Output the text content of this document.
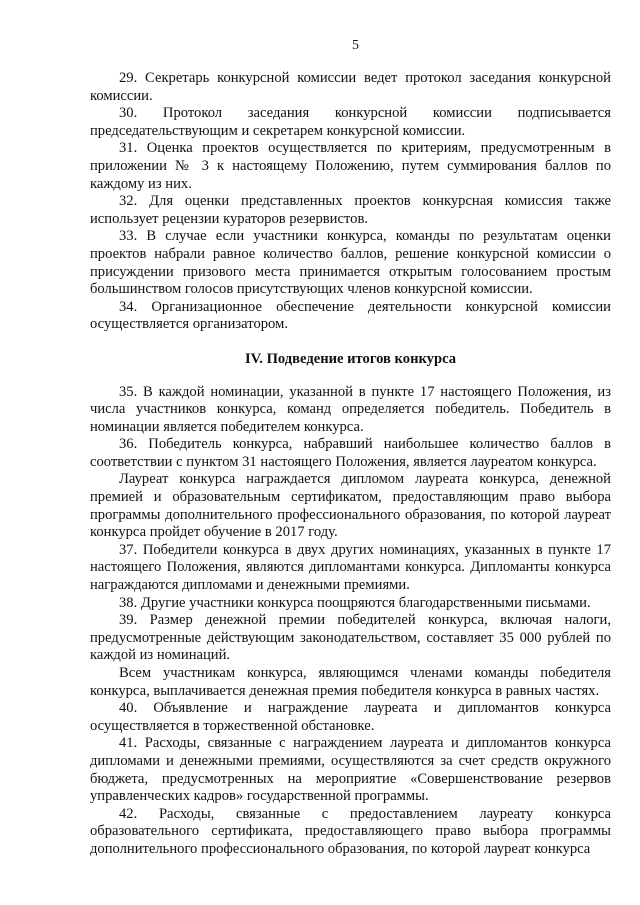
5

29. Секретарь конкурсной комиссии ведет протокол заседания конкурсной комиссии.

30. Протокол заседания конкурсной комиссии подписывается председательствующим и секретарем конкурсной комиссии.

31. Оценка проектов осуществляется по критериям, предусмотренным в приложении № 3 к настоящему Положению, путем суммирования баллов по каждому из них.

32. Для оценки представленных проектов конкурсная комиссия также использует рецензии кураторов резервистов.

33. В случае если участники конкурса, команды по результатам оценки проектов набрали равное количество баллов, решение конкурсной комиссии о присуждении призового места принимается открытым голосованием простым большинством голосов присутствующих членов конкурсной комиссии.

34. Организационное обеспечение деятельности конкурсной комиссии осуществляется организатором.

IV. Подведение итогов конкурса

35. В каждой номинации, указанной в пункте 17 настоящего Положения, из числа участников конкурса, команд определяется победитель. Победитель в номинации является победителем конкурса.

36. Победитель конкурса, набравший наибольшее количество баллов в соответствии с пунктом 31 настоящего Положения, является лауреатом конкурса.

Лауреат конкурса награждается дипломом лауреата конкурса, денежной премией и образовательным сертификатом, предоставляющим право выбора программы дополнительного профессионального образования, по которой лауреат конкурса пройдет обучение в 2017 году.

37. Победители конкурса в двух других номинациях, указанных в пункте 17 настоящего Положения, являются дипломантами конкурса. Дипломанты конкурса награждаются дипломами и денежными премиями.

38. Другие участники конкурса поощряются благодарственными письмами.

39. Размер денежной премии победителей конкурса, включая налоги, предусмотренные действующим законодательством, составляет 35 000 рублей по каждой из номинаций.

Всем участникам конкурса, являющимся членами команды победителя конкурса, выплачивается денежная премия победителя конкурса в равных частях.

40. Объявление и награждение лауреата и дипломантов конкурса осуществляется в торжественной обстановке.

41. Расходы, связанные с награждением лауреата и дипломантов конкурса дипломами и денежными премиями, осуществляются за счет средств окружного бюджета, предусмотренных на мероприятие «Совершенствование резервов управленческих кадров» государственной программы.

42. Расходы, связанные с предоставлением лауреату конкурса образовательного сертификата, предоставляющего право выбора программы дополнительного профессионального образования, по которой лауреат конкурса
